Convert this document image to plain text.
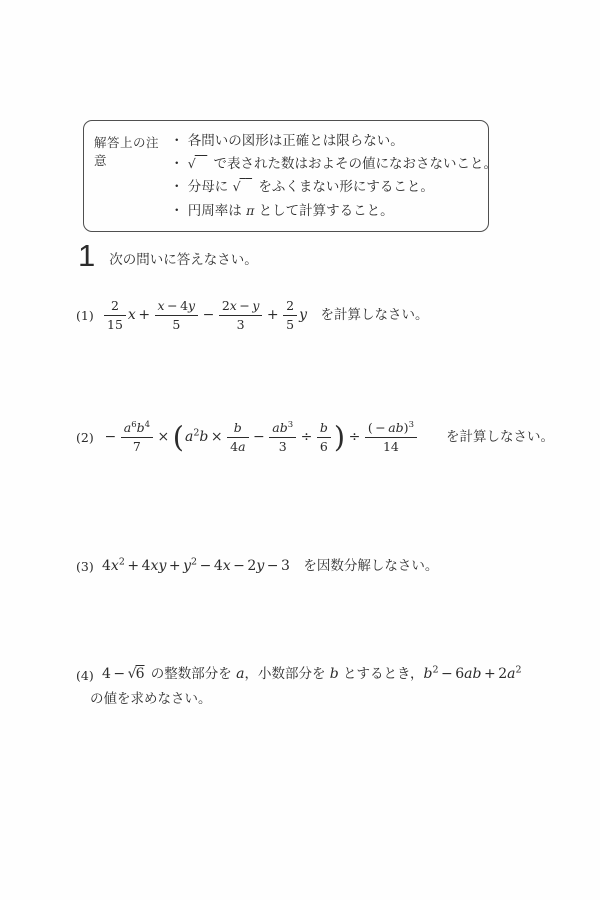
解答上の注意
・ 各問いの図形は正確とは限らない。
・ √   で表された数はおよその値になおさないこと。
・ 分母に √   をふくまない形にすること。
・ 円周率は π として計算すること。
1 次の問いに答えなさい。
$(1) \frac{2}{15}$ $x + \frac{x - 4y}{5} - \frac{2x - y}{3} + \frac{2}{5}$ y　を計算しなさい。
$(2) - \frac{a^6b^4}{7} \times (a^2b \times \frac{b}{4a} - \frac{ab^3}{3} \div \frac{b}{6}$ ) ÷ $\frac{( - ab)^3}{14}$ 　　を計算しなさい。
(3) $4x^2 + 4xy + y^2 - 4x - 2y - 3$　を因数分解しなさい。
(4) 4 − √6 の整数部分を a，小数部分を b とするとき，$b^2 - 6ab + 2a^2$
の値を求めなさい。
